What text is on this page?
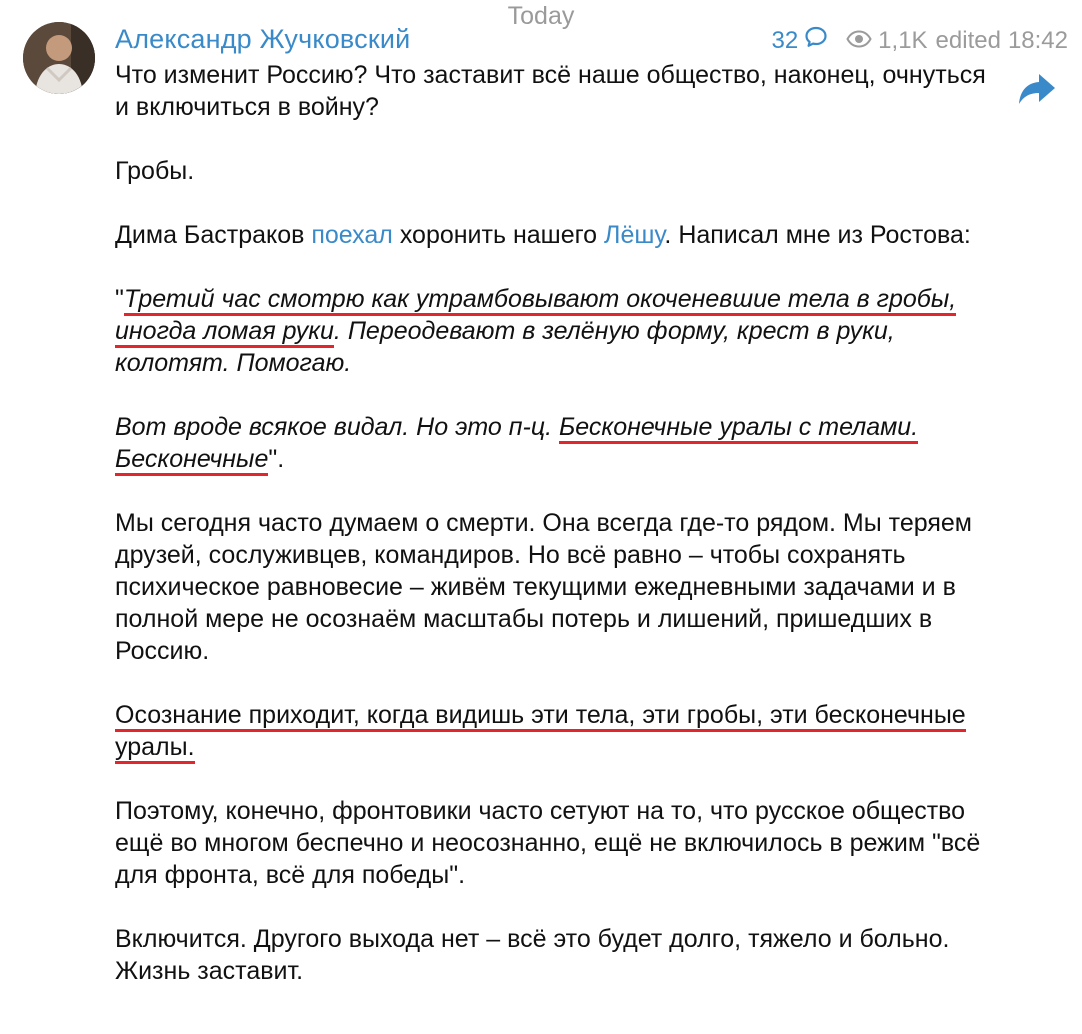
Today
Александр Жучковский	32	1,1K edited 18:42

Что изменит Россию? Что заставит всё наше общество, наконец, очнуться и включиться в войну?

Гробы.

Дима Бастраков поехал хоронить нашего Лёшу. Написал мне из Ростова:

"Третий час смотрю как утрамбовывают окоченевшие тела в гробы, иногда ломая руки. Переодевают в зелёную форму, крест в руки, колотят. Помогаю.

Вот вроде всякое видал. Но это п-ц. Бесконечные уралы с телами. Бесконечные".

Мы сегодня часто думаем о смерти. Она всегда где-то рядом. Мы теряем друзей, сослуживцев, командиров. Но всё равно – чтобы сохранять психическое равновесие – живём текущими ежедневными задачами и в полной мере не осознаём масштабы потерь и лишений, пришедших в Россию.

Осознание приходит, когда видишь эти тела, эти гробы, эти бесконечные уралы.

Поэтому, конечно, фронтовики часто сетуют на то, что русское общество ещё во многом беспечно и неосознанно, ещё не включилось в режим "всё для фронта, всё для победы".

Включится. Другого выхода нет – всё это будет долго, тяжело и больно. Жизнь заставит.
